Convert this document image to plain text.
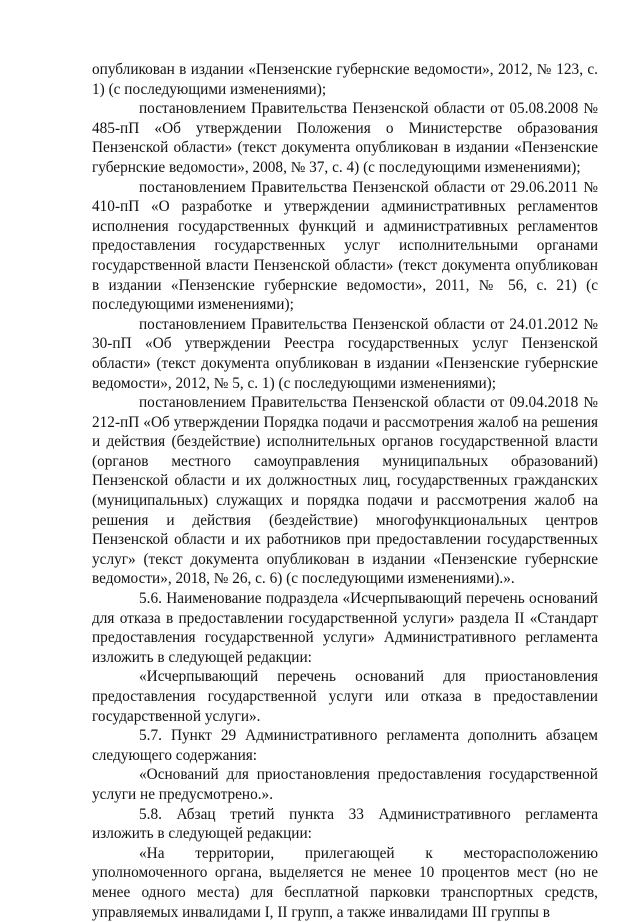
опубликован в издании «Пензенские губернские ведомости», 2012, № 123, с. 1) (с последующими изменениями);

постановлением Правительства Пензенской области от 05.08.2008 № 485-пП «Об утверждении Положения о Министерстве образования Пензенской области» (текст документа опубликован в издании «Пензенские губернские ведомости», 2008, № 37, с. 4) (с последующими изменениями);

постановлением Правительства Пензенской области от 29.06.2011 № 410-пП «О разработке и утверждении административных регламентов исполнения государственных функций и административных регламентов предоставления государственных услуг исполнительными органами государственной власти Пензенской области» (текст документа опубликован в издании «Пензенские губернские ведомости», 2011, № 56, с. 21) (с последующими изменениями);

постановлением Правительства Пензенской области от 24.01.2012 № 30-пП «Об утверждении Реестра государственных услуг Пензенской области» (текст документа опубликован в издании «Пензенские губернские ведомости», 2012, № 5, с. 1) (с последующими изменениями);

постановлением Правительства Пензенской области от 09.04.2018 № 212-пП «Об утверждении Порядка подачи и рассмотрения жалоб на решения и действия (бездействие) исполнительных органов государственной власти (органов местного самоуправления муниципальных образований) Пензенской области и их должностных лиц, государственных гражданских (муниципальных) служащих и порядка подачи и рассмотрения жалоб на решения и действия (бездействие) многофункциональных центров Пензенской области и их работников при предоставлении государственных услуг» (текст документа опубликован в издании «Пензенские губернские ведомости», 2018, № 26, с. 6) (с последующими изменениями).».

5.6. Наименование подраздела «Исчерпывающий перечень оснований для отказа в предоставлении государственной услуги» раздела II «Стандарт предоставления государственной услуги» Административного регламента изложить в следующей редакции:

«Исчерпывающий перечень оснований для приостановления предоставления государственной услуги или отказа в предоставлении государственной услуги».

5.7. Пункт 29 Административного регламента дополнить абзацем следующего содержания:

«Оснований для приостановления предоставления государственной услуги не предусмотрено.».

5.8. Абзац третий пункта 33 Административного регламента изложить в следующей редакции:

«На территории, прилегающей к месторасположению уполномоченного органа, выделяется не менее 10 процентов мест (но не менее одного места) для бесплатной парковки транспортных средств, управляемых инвалидами I, II групп, а также инвалидами III группы в
